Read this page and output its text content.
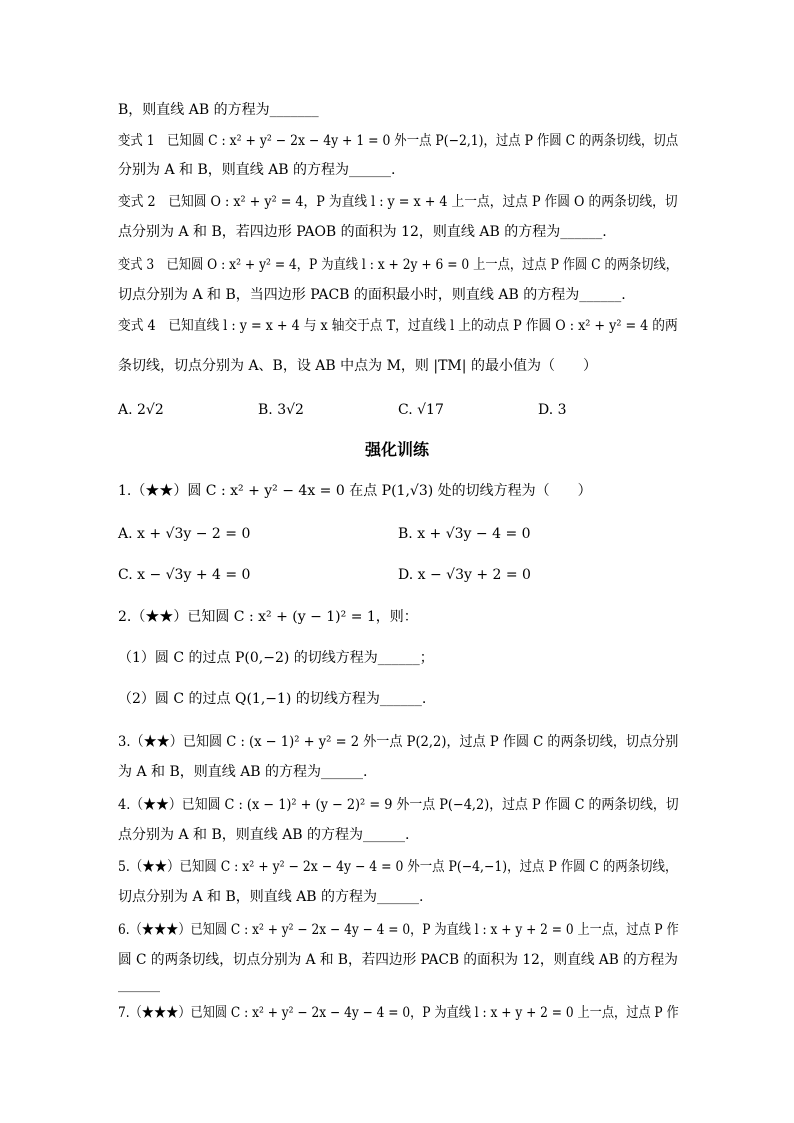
B，则直线 AB 的方程为_______
变式 1　已知圆 C : x² + y² − 2x − 4y + 1 = 0 外一点 P(−2,1)，过点 P 作圆 C 的两条切线，切点
分别为 A 和 B，则直线 AB 的方程为______.
变式 2　已知圆 O : x² + y² = 4，P 为直线 l : y = x + 4 上一点，过点 P 作圆 O 的两条切线，切
点分别为 A 和 B，若四边形 PAOB 的面积为 12，则直线 AB 的方程为______.
变式 3　已知圆 O : x² + y² = 4，P 为直线 l : x + 2y + 6 = 0 上一点，过点 P 作圆 C 的两条切线，
切点分别为 A 和 B，当四边形 PACB 的面积最小时，则直线 AB 的方程为______.
变式 4　已知直线 l : y = x + 4 与 x 轴交于点 T，过直线 l 上的动点 P 作圆 O : x² + y² = 4 的两
条切线，切点分别为 A、B，设 AB 中点为 M，则 |TM| 的最小值为（　　）
A. 2√2	B. 3√2	C. √17	D. 3
强化训练
1.（★★）圆 C : x² + y² − 4x = 0 在点 P(1,√3) 处的切线方程为（　　）
A. x + √3y − 2 = 0	B. x + √3y − 4 = 0
C. x − √3y + 4 = 0	D. x − √3y + 2 = 0
2.（★★）已知圆 C : x² + (y − 1)² = 1，则：
（1）圆 C 的过点 P(0,−2) 的切线方程为______；
（2）圆 C 的过点 Q(1,−1) 的切线方程为______.
3.（★★）已知圆 C : (x − 1)² + y² = 2 外一点 P(2,2)，过点 P 作圆 C 的两条切线，切点分别
为 A 和 B，则直线 AB 的方程为______.
4.（★★）已知圆 C : (x − 1)² + (y − 2)² = 9 外一点 P(−4,2)，过点 P 作圆 C 的两条切线，切
点分别为 A 和 B，则直线 AB 的方程为______.
5.（★★）已知圆 C : x² + y² − 2x − 4y − 4 = 0 外一点 P(−4,−1)，过点 P 作圆 C 的两条切线，
切点分别为 A 和 B，则直线 AB 的方程为______.
6.（★★★）已知圆 C : x² + y² − 2x − 4y − 4 = 0，P 为直线 l : x + y + 2 = 0 上一点，过点 P 作
圆 C 的两条切线，切点分别为 A 和 B，若四边形 PACB 的面积为 12，则直线 AB 的方程为
______
7.（★★★）已知圆 C : x² + y² − 2x − 4y − 4 = 0，P 为直线 l : x + y + 2 = 0 上一点，过点 P 作
